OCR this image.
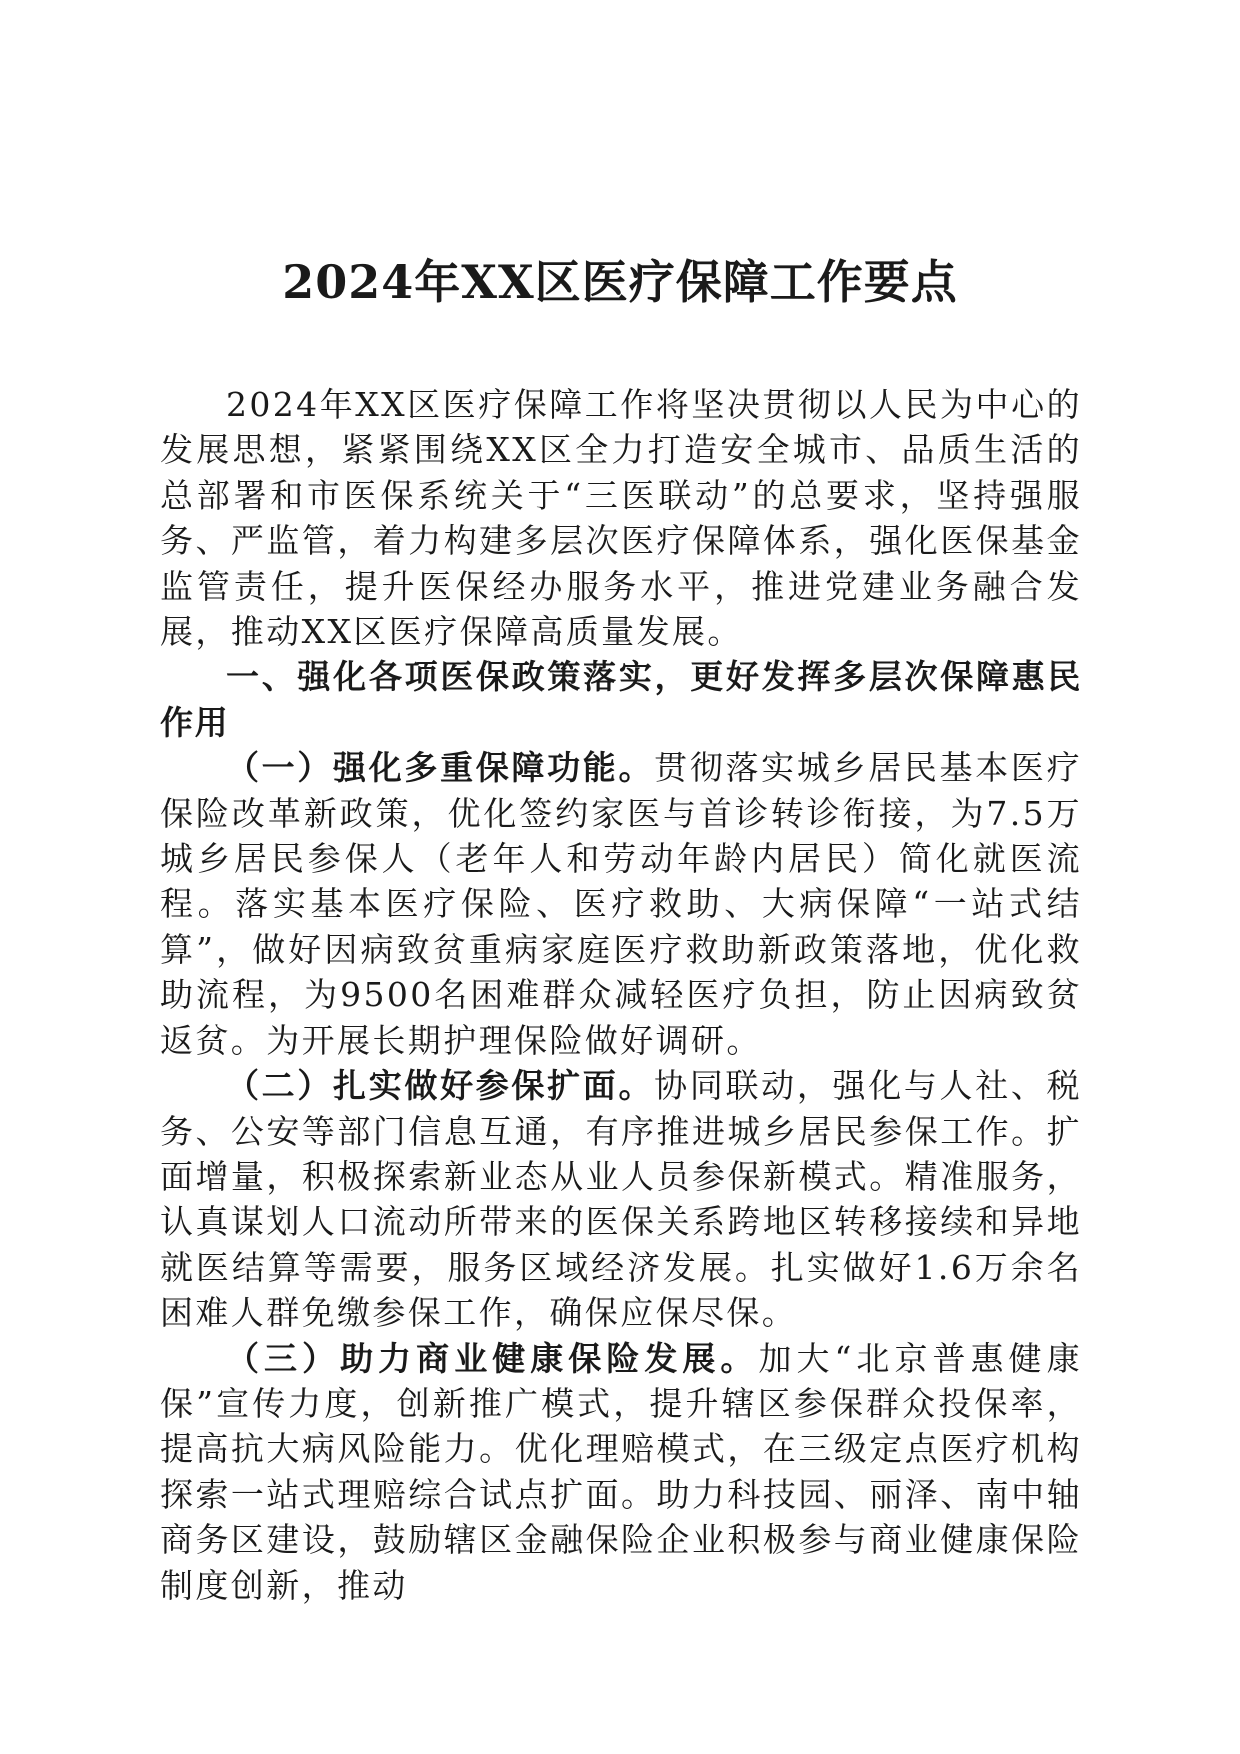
2024年XX区医疗保障工作要点

2024年XX区医疗保障工作将坚决贯彻以人民为中心的发展思想，紧紧围绕XX区全力打造安全城市、品质生活的总部署和市医保系统关于“三医联动”的总要求，坚持强服务、严监管，着力构建多层次医疗保障体系，强化医保基金监管责任，提升医保经办服务水平，推进党建业务融合发展，推动XX区医疗保障高质量发展。

一、强化各项医保政策落实，更好发挥多层次保障惠民作用

（一）强化多重保障功能。贯彻落实城乡居民基本医疗保险改革新政策，优化签约家医与首诊转诊衔接，为7.5万城乡居民参保人（老年人和劳动年龄内居民）简化就医流程。落实基本医疗保险、医疗救助、大病保障“一站式结算”，做好因病致贫重病家庭医疗救助新政策落地，优化救助流程，为9500名困难群众减轻医疗负担，防止因病致贫返贫。为开展长期护理保险做好调研。

（二）扎实做好参保扩面。协同联动，强化与人社、税务、公安等部门信息互通，有序推进城乡居民参保工作。扩面增量，积极探索新业态从业人员参保新模式。精准服务，认真谋划人口流动所带来的医保关系跨地区转移接续和异地就医结算等需要，服务区域经济发展。扎实做好1.6万余名困难人群免缴参保工作，确保应保尽保。

（三）助力商业健康保险发展。加大“北京普惠健康保”宣传力度，创新推广模式，提升辖区参保群众投保率，提高抗大病风险能力。优化理赔模式，在三级定点医疗机构探索一站式理赔综合试点扩面。助力科技园、丽泽、南中轴商务区建设，鼓励辖区金融保险企业积极参与商业健康保险制度创新，推动
